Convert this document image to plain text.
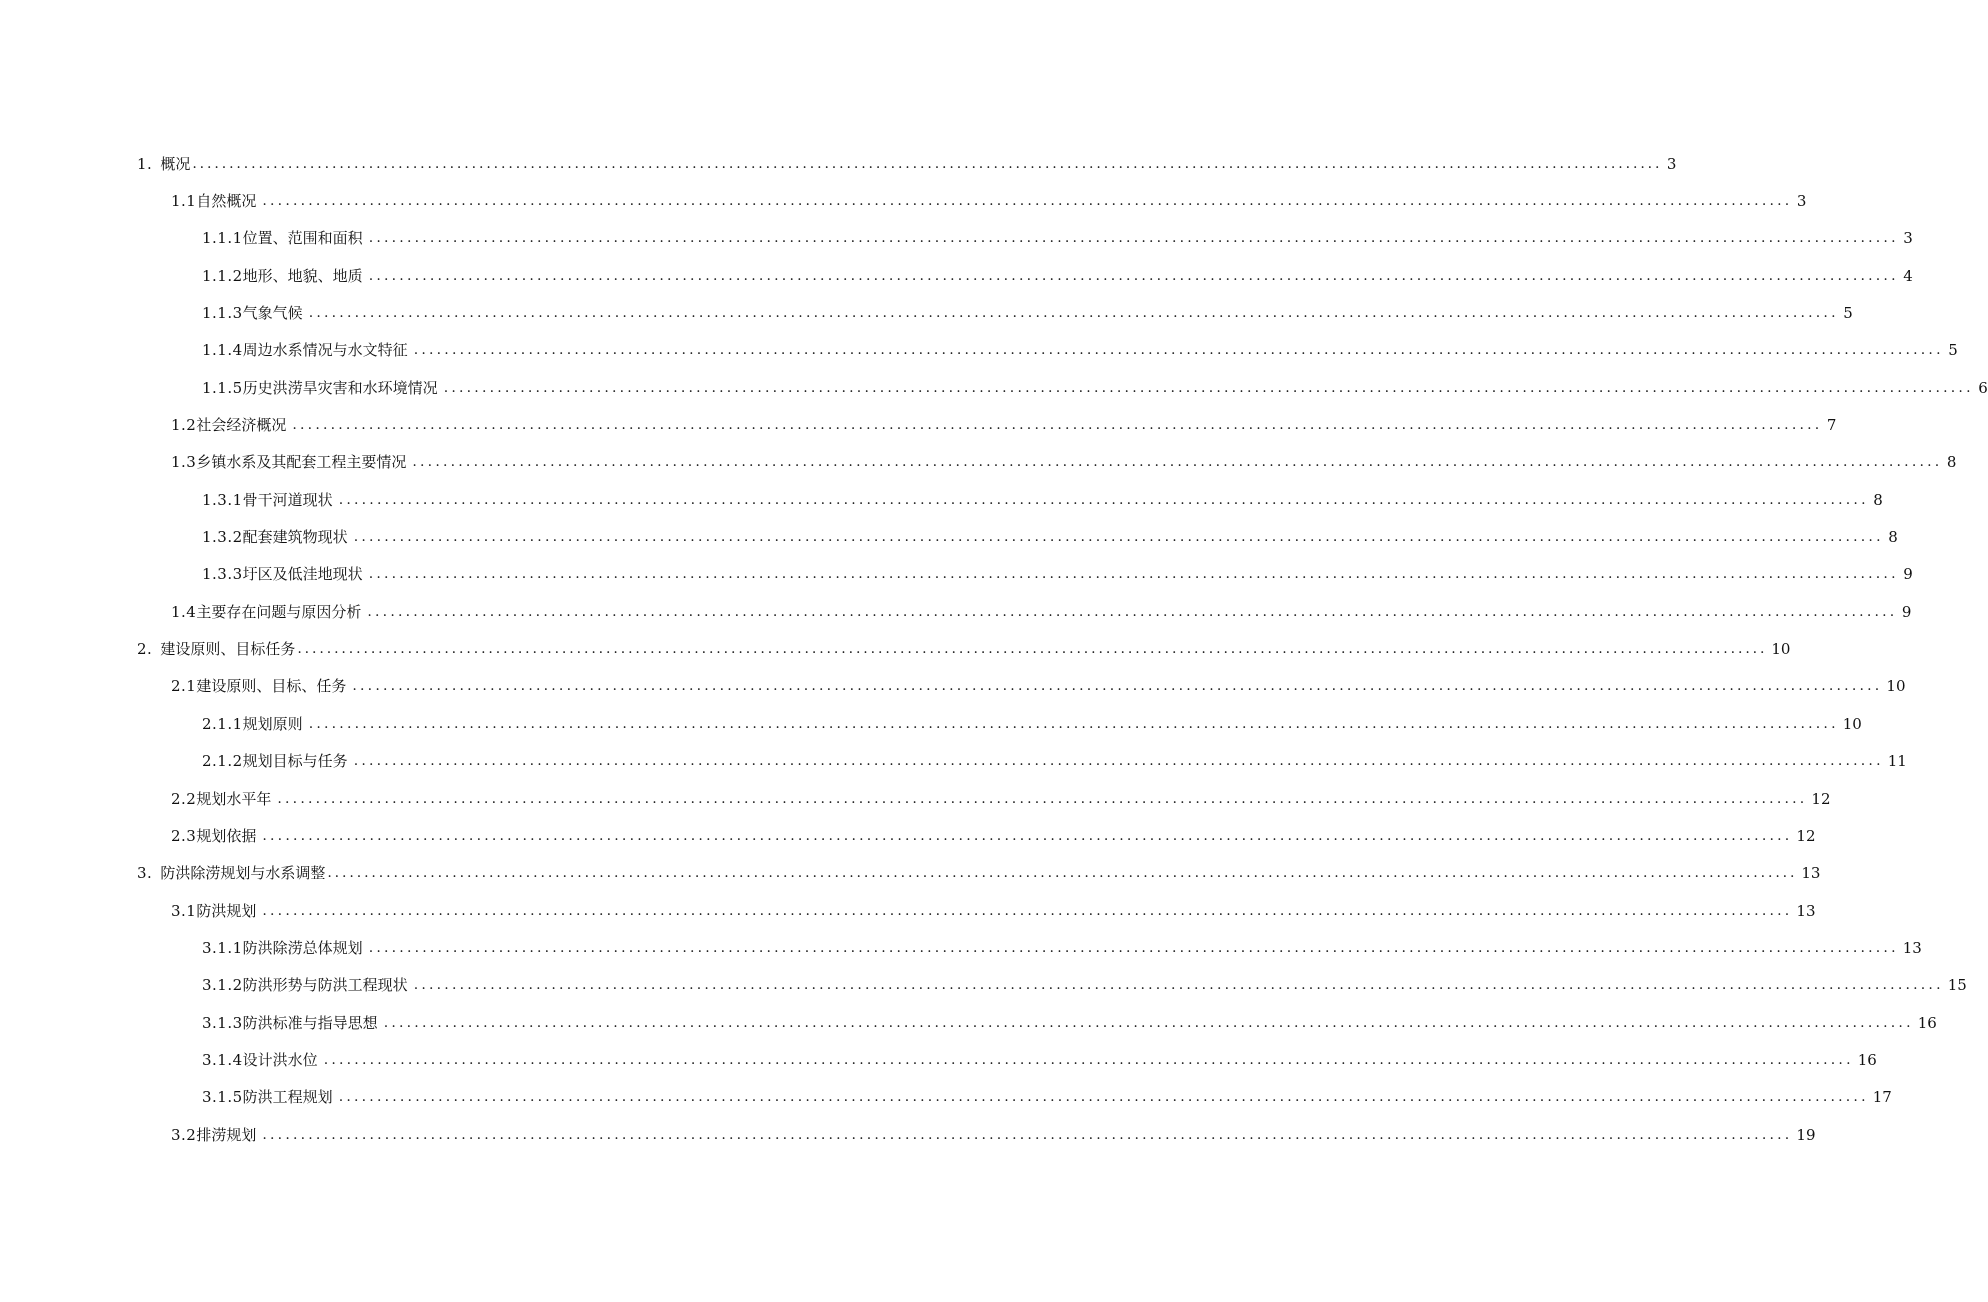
1. 概况 ........................................................................................................................................................................................................ 3
1.1自然概况 ........................................................................................................................................................................................................ 3
1.1.1位置、范围和面积 ........................................................................................................................................................................................................ 3
1.1.2地形、地貌、地质 ........................................................................................................................................................................................................ 4
1.1.3气象气候 ........................................................................................................................................................................................................ 5
1.1.4周边水系情况与水文特征 ........................................................................................................................................................................................................ 5
1.1.5历史洪涝旱灾害和水环境情况 ........................................................................................................................................................................................................ 6
1.2社会经济概况 ........................................................................................................................................................................................................ 7
1.3乡镇水系及其配套工程主要情况 ........................................................................................................................................................................................................ 8
1.3.1骨干河道现状 ........................................................................................................................................................................................................ 8
1.3.2配套建筑物现状 ........................................................................................................................................................................................................ 8
1.3.3圩区及低洼地现状 ........................................................................................................................................................................................................ 9
1.4主要存在问题与原因分析 ........................................................................................................................................................................................................ 9
2. 建设原则、目标任务 ........................................................................................................................................................................................................ 10
2.1建设原则、目标、任务 ........................................................................................................................................................................................................ 10
2.1.1规划原则 ........................................................................................................................................................................................................ 10
2.1.2规划目标与任务 ........................................................................................................................................................................................................ 11
2.2规划水平年 ........................................................................................................................................................................................................ 12
2.3规划依据 ........................................................................................................................................................................................................ 12
3. 防洪除涝规划与水系调整 ........................................................................................................................................................................................................ 13
3.1防洪规划 ........................................................................................................................................................................................................ 13
3.1.1防洪除涝总体规划 ........................................................................................................................................................................................................ 13
3.1.2防洪形势与防洪工程现状 ........................................................................................................................................................................................................ 15
3.1.3防洪标准与指导思想 ........................................................................................................................................................................................................ 16
3.1.4设计洪水位 ........................................................................................................................................................................................................ 16
3.1.5防洪工程规划 ........................................................................................................................................................................................................ 17
3.2排涝规划 ........................................................................................................................................................................................................ 19
